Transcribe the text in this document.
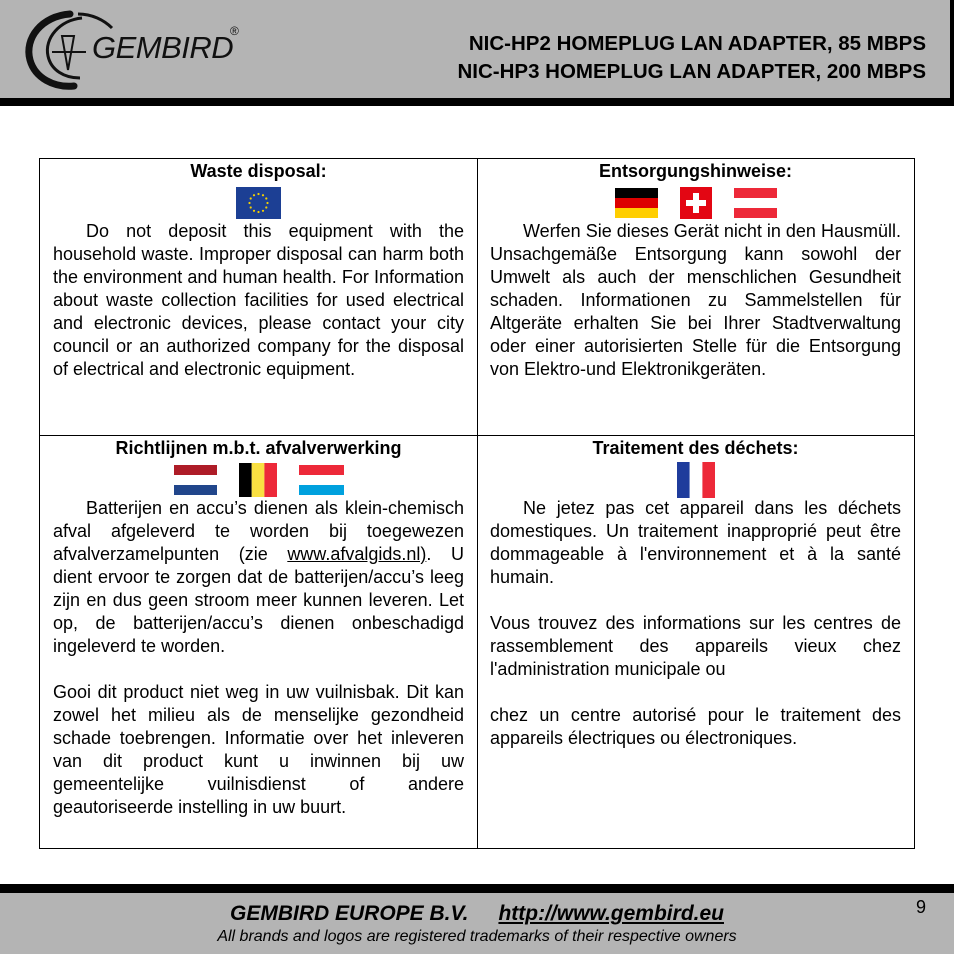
GEMBIRD
®
NIC-HP2 HOMEPLUG LAN ADAPTER, 85 MBPS
NIC-HP3 HOMEPLUG LAN ADAPTER, 200 MBPS
Waste disposal:

Do not deposit this equipment with the household waste. Improper disposal can harm both the environment and human health. For Information about waste collection facilities for used electrical and electronic devices, please contact your city council or an authorized company for the disposal of electrical and electronic equipment.

Entsorgungshinweise:

Werfen Sie dieses Gerät nicht in den Hausmüll. Unsachgemäße Entsorgung kann sowohl der Umwelt als auch der menschlichen Gesundheit schaden. Informationen zu Sammelstellen für Altgeräte erhalten Sie bei Ihrer Stadtverwaltung oder einer autorisierten Stelle für die Entsorgung von Elektro-und Elektronikgeräten.

Richtlijnen m.b.t. afvalverwerking

Batterijen en accu’s dienen als klein-chemisch afval afgeleverd te worden bij toegewezen afvalverzamelpunten (zie www.afvalgids.nl). U dient ervoor te zorgen dat de batterijen/accu’s leeg zijn en dus geen stroom meer kunnen leveren. Let op, de batterijen/accu’s dienen onbeschadigd ingeleverd te worden.

Gooi dit product niet weg in uw vuilnisbak. Dit kan zowel het milieu als de menselijke gezondheid schade toebrengen. Informatie over het inleveren van dit product kunt u inwinnen bij uw gemeentelijke vuilnisdienst of andere geautoriseerde instelling in uw buurt.

Traitement des déchets:

Ne jetez pas cet appareil dans les déchets domestiques. Un traitement inapproprié peut être dommageable à l'environnement et à la santé humain.

Vous trouvez des informations sur les centres de rassemblement des appareils vieux chez l'administration municipale ou

chez un centre autorisé pour le traitement des appareils électriques ou électroniques.

GEMBIRD EUROPE B.V. http://www.gembird.eu
All brands and logos are registered trademarks of their respective owners
9
